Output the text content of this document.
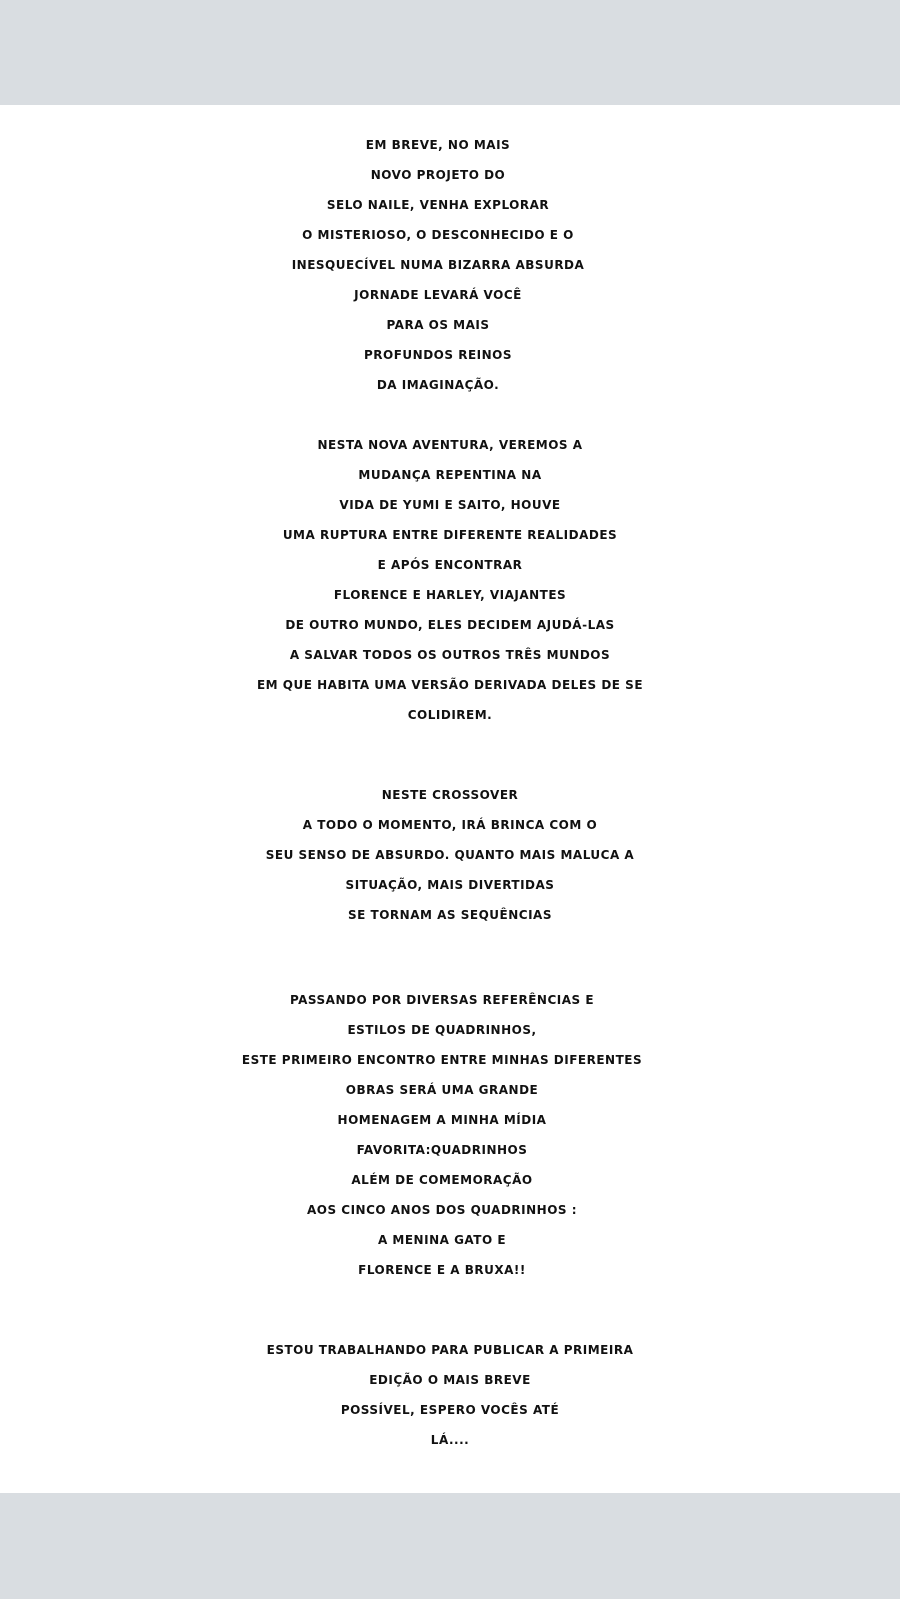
EM BREVE, NO MAIS
NOVO PROJETO DO
SELO NAILE, VENHA EXPLORAR
O MISTERIOSO, O DESCONHECIDO E O
INESQUECÍVEL NUMA BIZARRA ABSURDA
JORNADE LEVARÁ VOCÊ
PARA OS MAIS
PROFUNDOS REINOS
DA IMAGINAÇÃO.
NESTA NOVA AVENTURA, VEREMOS A
MUDANÇA REPENTINA NA
VIDA DE YUMI E SAITO, HOUVE
UMA RUPTURA ENTRE DIFERENTE REALIDADES
E APÓS ENCONTRAR
FLORENCE E HARLEY, VIAJANTES
DE OUTRO MUNDO, ELES DECIDEM AJUDÁ-LAS
A SALVAR TODOS OS OUTROS TRÊS MUNDOS
EM QUE HABITA UMA VERSÃO DERIVADA DELES DE SE
COLIDIREM.
NESTE CROSSOVER
A TODO O MOMENTO, IRÁ BRINCA COM O
SEU SENSO DE ABSURDO. QUANTO MAIS MALUCA A
SITUAÇÃO, MAIS DIVERTIDAS
SE TORNAM AS SEQUÊNCIAS
PASSANDO POR DIVERSAS REFERÊNCIAS E
ESTILOS DE QUADRINHOS,
ESTE PRIMEIRO ENCONTRO ENTRE MINHAS DIFERENTES
OBRAS SERÁ UMA GRANDE
HOMENAGEM A MINHA MÍDIA
FAVORITA:QUADRINHOS
ALÉM DE COMEMORAÇÃO
AOS CINCO ANOS DOS QUADRINHOS :
A MENINA GATO E
FLORENCE E A BRUXA!!
ESTOU TRABALHANDO PARA PUBLICAR A PRIMEIRA
EDIÇÃO O MAIS BREVE
POSSÍVEL, ESPERO VOCÊS ATÉ
LÁ....
